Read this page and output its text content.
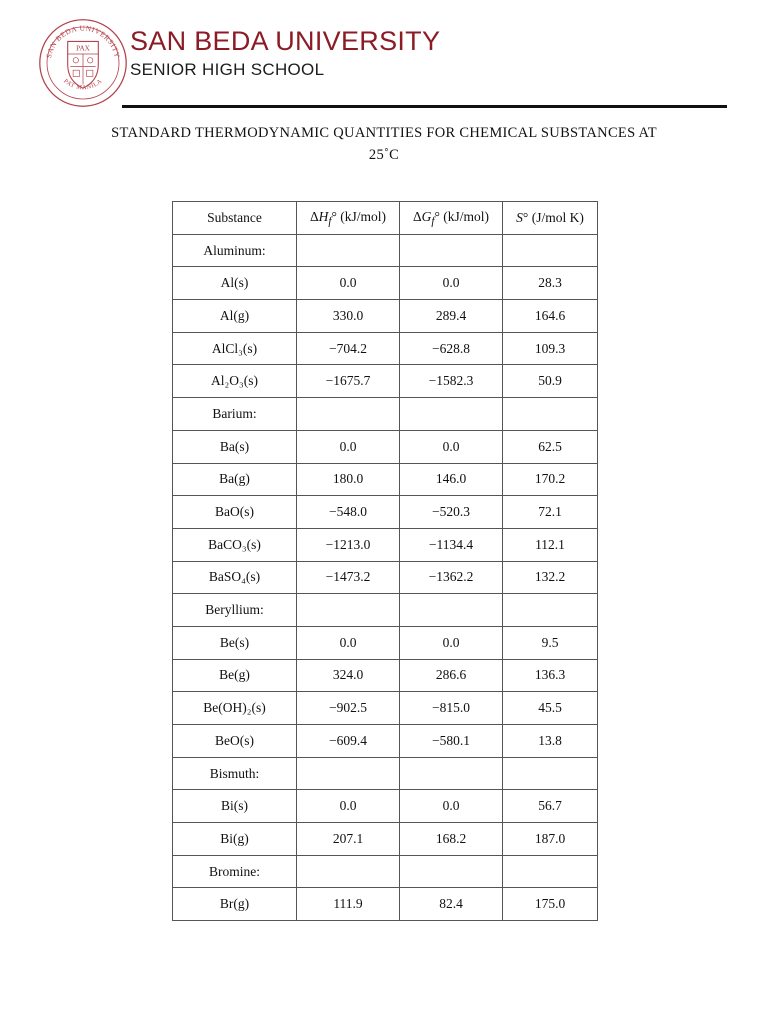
SAN BEDA UNIVERSITY
PAT MANILA
PAX SAN BEDA UNIVERSITY
SENIOR HIGH SCHOOL
STANDARD THERMODYNAMIC QUANTITIES FOR CHEMICAL SUBSTANCES AT
25˚C
Substance	$\Delta H_f^\circ$ (kJ/mol)	$\Delta G_f^\circ$ (kJ/mol)	S° (J/mol K)
Aluminum:			
Al(s)	0.0	0.0	28.3
Al(g)	330.0	289.4	164.6
AlCl₃(s)	−704.2	−628.8	109.3
Al₂O₃(s)	−1675.7	−1582.3	50.9
Barium:			
Ba(s)	0.0	0.0	62.5
Ba(g)	180.0	146.0	170.2
BaO(s)	−548.0	−520.3	72.1
BaCO₃(s)	−1213.0	−1134.4	112.1
BaSO₄(s)	−1473.2	−1362.2	132.2
Beryllium:			
Be(s)	0.0	0.0	9.5
Be(g)	324.0	286.6	136.3
Be(OH)₂(s)	−902.5	−815.0	45.5
BeO(s)	−609.4	−580.1	13.8
Bismuth:			
Bi(s)	0.0	0.0	56.7
Bi(g)	207.1	168.2	187.0
Bromine:			
Br(g)	111.9	82.4	175.0
